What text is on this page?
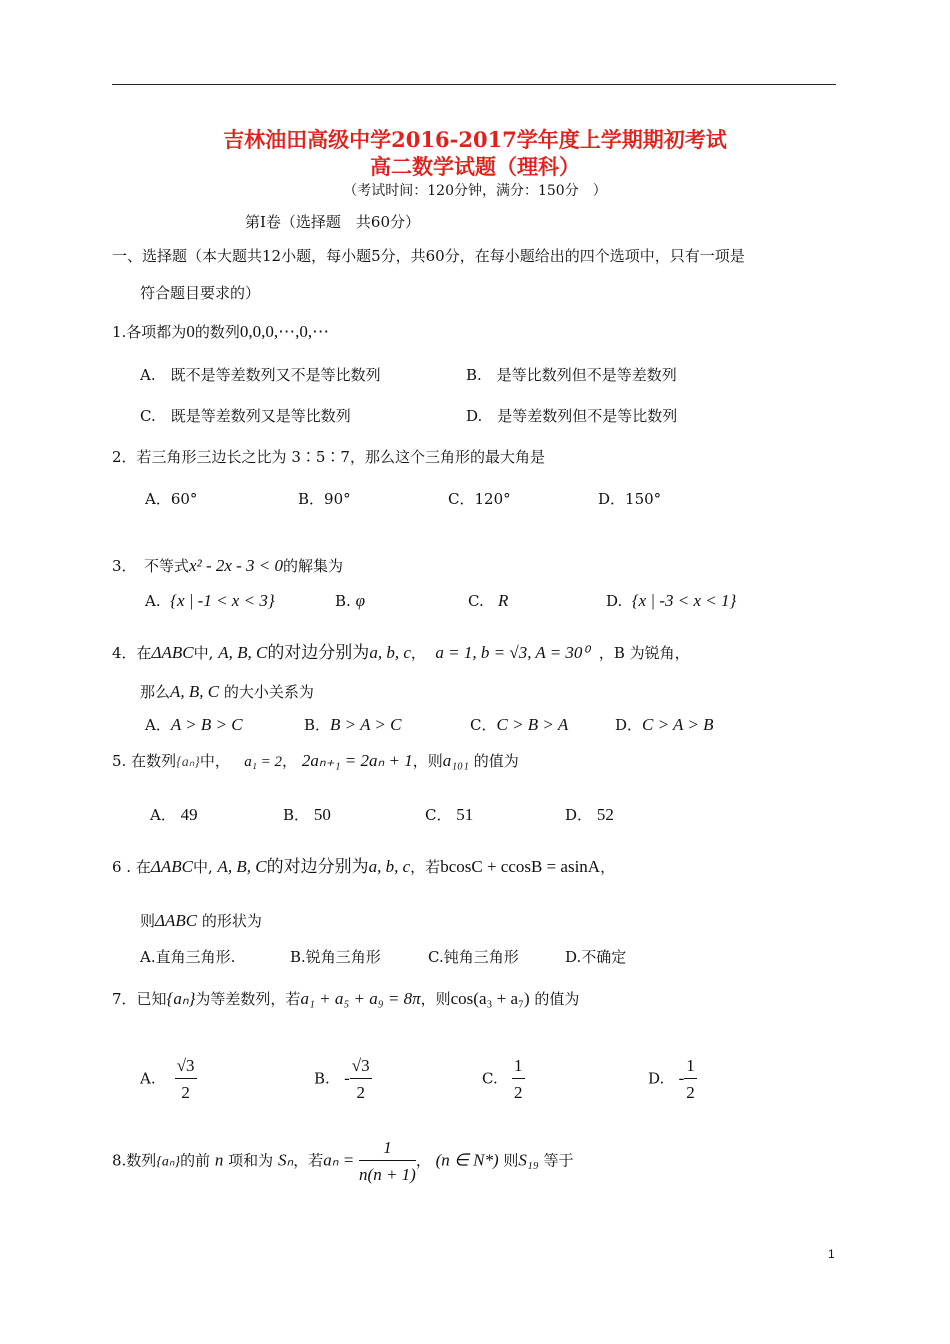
吉林油田高级中学2016-2017学年度上学期期初考试
高二数学试题（理科）
（考试时间：120分钟，满分：150分　）
第Ⅰ卷（选择题　共60分）
一、选择题（本大题共12小题，每小题5分，共60分，在每小题给出的四个选项中，只有一项是
符合题目要求的）
1.各项都为0的数列0,0,0,⋯,0,⋯
A.　既不是等差数列又不是等比数列	B.　是等比数列但不是等差数列
C.　既是等差数列又是等比数列	D.　是等差数列但不是等比数列
2．若三角形三边长之比为 3∶5∶7，那么这个三角形的最大角是
A．60°	B．90°	C．120°	D．150°
3．　不等式x² - 2x - 3 < 0的解集为
A. {x | -1 < x < 3}	B. φ	C. R	D. {x | -3 < x < 1}
4．在ΔABC中, A, B, C的对边分别为a, b, c， a = 1, b = √3, A = 30⁰ ，B 为锐角，
那么A, B, C 的大小关系为
A．A > B > C	B．B > A > C	C．C > B > A	D．C > A > B
5. 在数列{aₙ}中， a₁ = 2， 2aₙ₊₁ = 2aₙ + 1，则a₁₀₁ 的值为
A． 49	B． 50	C． 51	D． 52
6 . 在ΔABC中, A, B, C的对边分别为a, b, c，若bcosC + ccosB = asinA，
则ΔABC 的形状为
A.直角三角形.	B.锐角三角形	C.钝角三角形	D.不确定
7．已知{aₙ}为等差数列，若a₁ + a₅ + a₉ = 8π，则cos(a₃ + a₇) 的值为
A. $\frac{√3}{2}$	B. - $\frac{√3}{2}$	C. $\frac{1}{2}$	D. - $\frac{1}{2}$
8.数列{aₙ}的前 n 项和为 Sₙ，若$a_n = \frac{1}{n(n + 1)}$ ， (n ∈ N*) 则S₁₉ 等于
1
